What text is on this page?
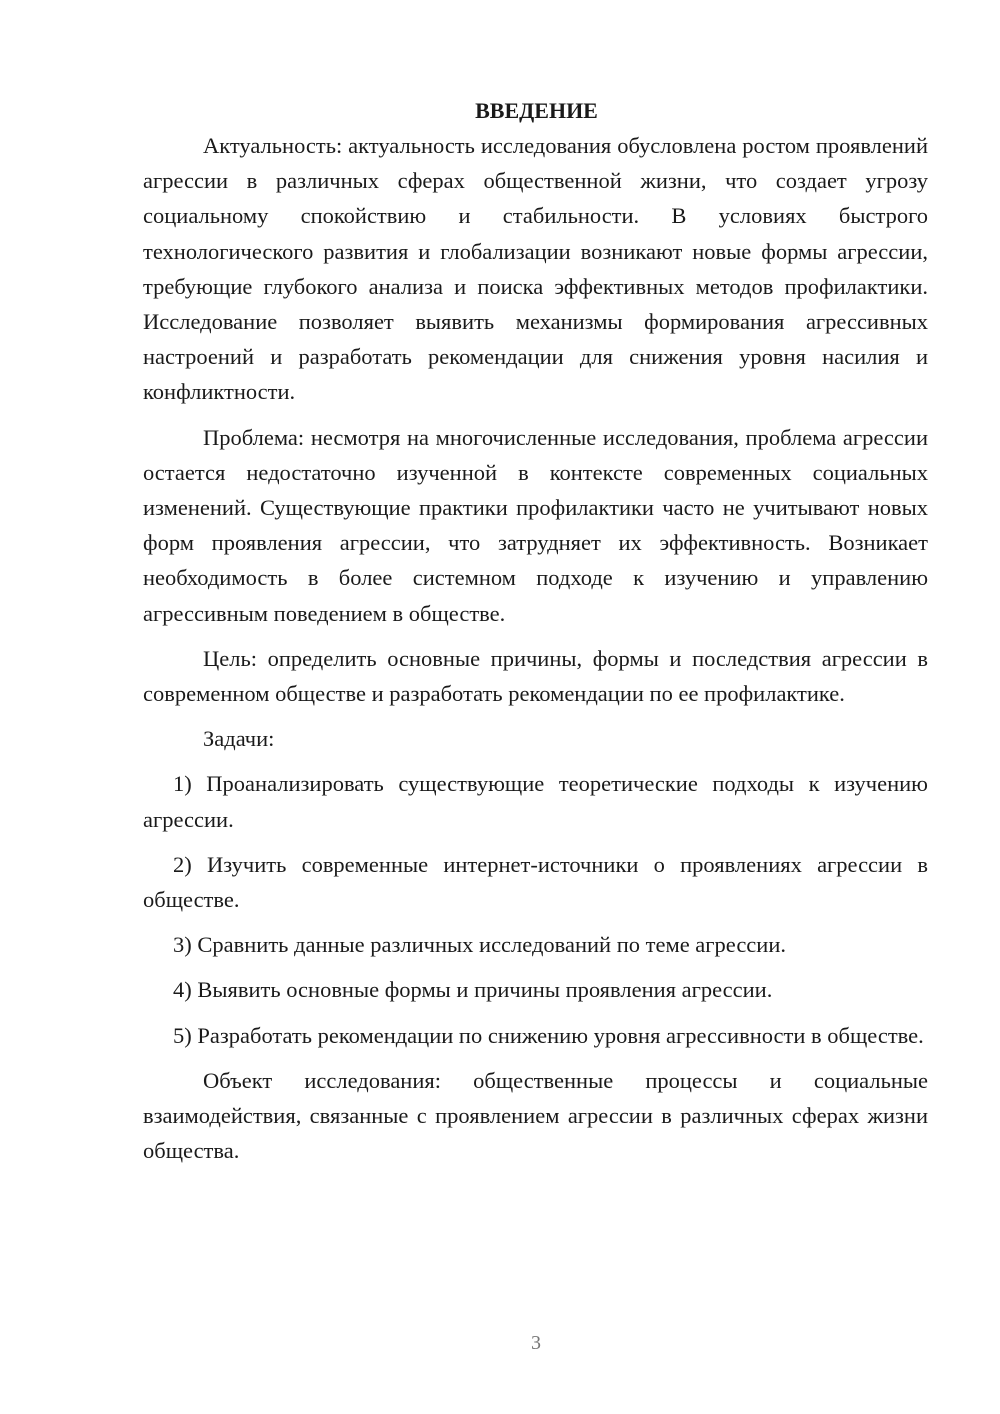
ВВЕДЕНИЕ

Актуальность: актуальность исследования обусловлена ростом проявлений агрессии в различных сферах общественной жизни, что создает угрозу социальному спокойствию и стабильности. В условиях быстрого технологического развития и глобализации возникают новые формы агрессии, требующие глубокого анализа и поиска эффективных методов профилактики. Исследование позволяет выявить механизмы формирования агрессивных настроений и разработать рекомендации для снижения уровня насилия и конфликтности.

Проблема: несмотря на многочисленные исследования, проблема агрессии остается недостаточно изученной в контексте современных социальных изменений. Существующие практики профилактики часто не учитывают новых форм проявления агрессии, что затрудняет их эффективность. Возникает необходимость в более системном подходе к изучению и управлению агрессивным поведением в обществе.

Цель: определить основные причины, формы и последствия агрессии в современном обществе и разработать рекомендации по ее профилактике.

Задачи:

1) Проанализировать существующие теоретические подходы к изучению агрессии.

2) Изучить современные интернет-источники о проявлениях агрессии в обществе.

3) Сравнить данные различных исследований по теме агрессии.

4) Выявить основные формы и причины проявления агрессии.

5) Разработать рекомендации по снижению уровня агрессивности в обществе.

Объект исследования: общественные процессы и социальные взаимодействия, связанные с проявлением агрессии в различных сферах жизни общества.

3
